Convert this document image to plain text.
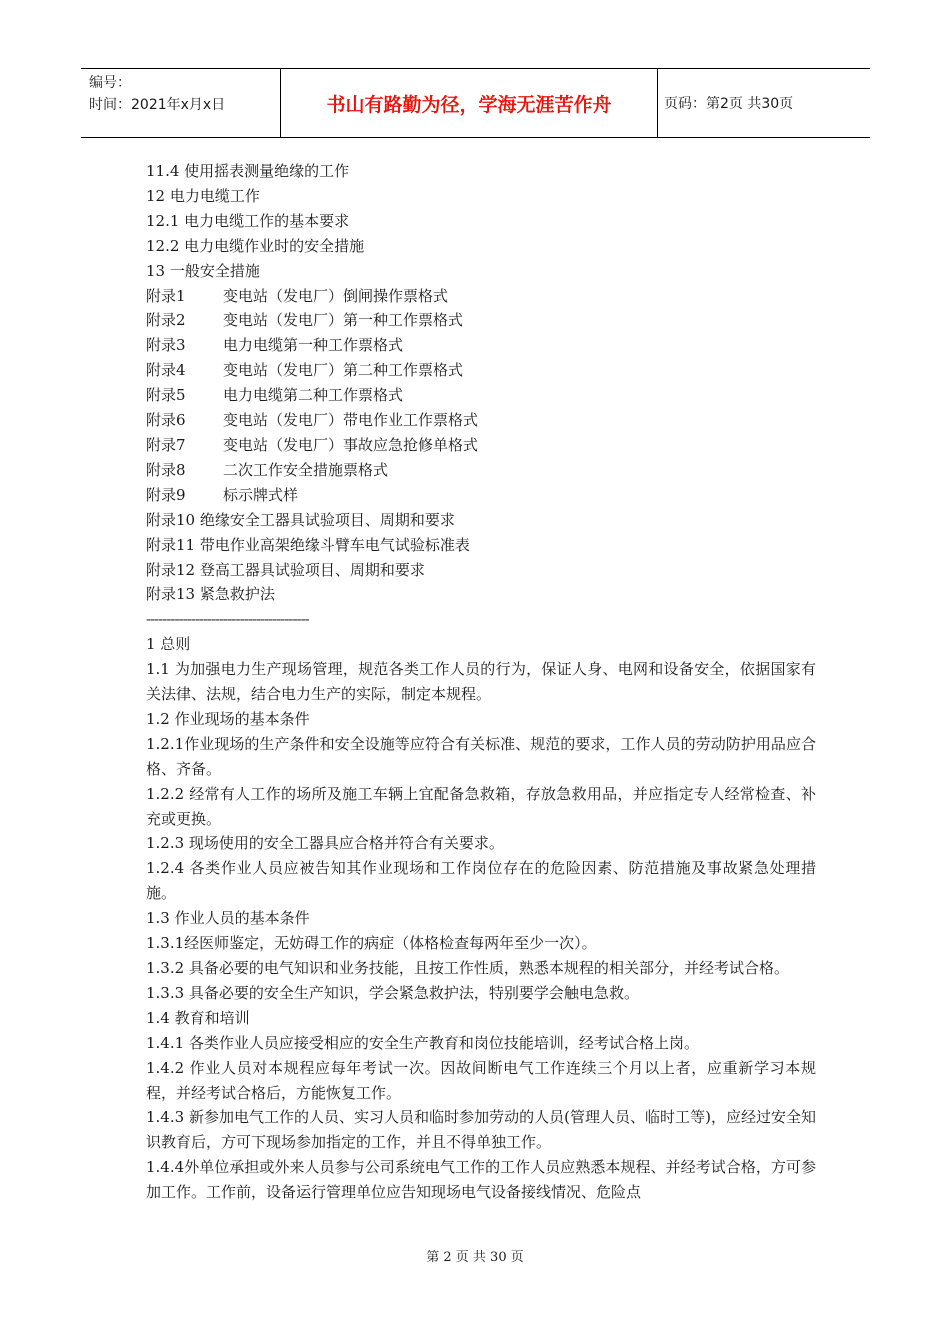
编号：
时间：2021年x月x日	书山有路勤为径，学海无涯苦作舟	页码：第2页 共30页
11.4 使用摇表测量绝缘的工作
12 电力电缆工作
12.1 电力电缆工作的基本要求
12.2 电力电缆作业时的安全措施
13 一般安全措施
附录1 变电站（发电厂）倒闸操作票格式
附录2 变电站（发电厂）第一种工作票格式
附录3 电力电缆第一种工作票格式
附录4 变电站（发电厂）第二种工作票格式
附录5 电力电缆第二种工作票格式
附录6 变电站（发电厂）带电作业工作票格式
附录7 变电站（发电厂）事故应急抢修单格式
附录8 二次工作安全措施票格式
附录9 标示牌式样
附录10 绝缘安全工器具试验项目、周期和要求
附录11 带电作业高架绝缘斗臂车电气试验标准表
附录12 登高工器具试验项目、周期和要求
附录13 紧急救护法
----------------------------------------
1 总则
1.1 为加强电力生产现场管理，规范各类工作人员的行为，保证人身、电网和设备安全，依据国家有关法律、法规，结合电力生产的实际，制定本规程。
1.2 作业现场的基本条件
1.2.1作业现场的生产条件和安全设施等应符合有关标准、规范的要求，工作人员的劳动防护用品应合格、齐备。
1.2.2 经常有人工作的场所及施工车辆上宜配备急救箱，存放急救用品，并应指定专人经常检查、补充或更换。
1.2.3 现场使用的安全工器具应合格并符合有关要求。
1.2.4 各类作业人员应被告知其作业现场和工作岗位存在的危险因素、防范措施及事故紧急处理措施。
1.3 作业人员的基本条件
1.3.1经医师鉴定，无妨碍工作的病症（体格检查每两年至少一次）。
1.3.2 具备必要的电气知识和业务技能，且按工作性质，熟悉本规程的相关部分，并经考试合格。
1.3.3 具备必要的安全生产知识，学会紧急救护法，特别要学会触电急救。
1.4 教育和培训
1.4.1 各类作业人员应接受相应的安全生产教育和岗位技能培训，经考试合格上岗。
1.4.2 作业人员对本规程应每年考试一次。因故间断电气工作连续三个月以上者，应重新学习本规程，并经考试合格后，方能恢复工作。
1.4.3 新参加电气工作的人员、实习人员和临时参加劳动的人员(管理人员、临时工等)，应经过安全知识教育后，方可下现场参加指定的工作，并且不得单独工作。
1.4.4外单位承担或外来人员参与公司系统电气工作的工作人员应熟悉本规程、并经考试合格，方可参加工作。工作前，设备运行管理单位应告知现场电气设备接线情况、危险点
第 2 页 共 30 页
